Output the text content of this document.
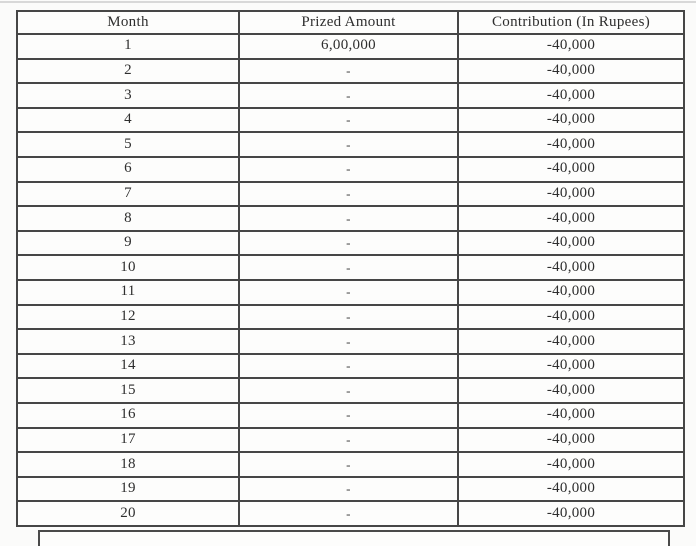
Month	Prized Amount	Contribution (In Rupees)
1	6,00,000	-40,000
2	-	-40,000
3	-	-40,000
4	-	-40,000
5	-	-40,000
6	-	-40,000
7	-	-40,000
8	-	-40,000
9	-	-40,000
10	-	-40,000
11	-	-40,000
12	-	-40,000
13	-	-40,000
14	-	-40,000
15	-	-40,000
16	-	-40,000
17	-	-40,000
18	-	-40,000
19	-	-40,000
20	-	-40,000
